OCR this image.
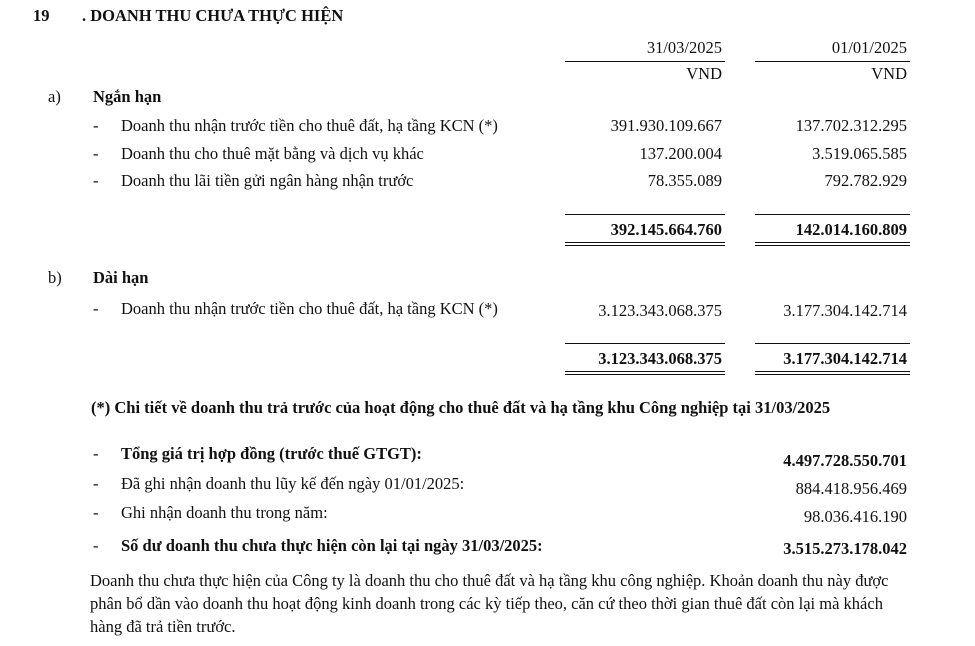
19 . DOANH THU CHƯA THỰC HIỆN
31/03/2025	01/01/2025
VND	VND
a) Ngắn hạn
- Doanh thu nhận trước tiền cho thuê đất, hạ tầng KCN (*)	391.930.109.667	137.702.312.295
- Doanh thu cho thuê mặt bằng và dịch vụ khác	137.200.004	3.519.065.585
- Doanh thu lãi tiền gửi ngân hàng nhận trước	78.355.089	792.782.929
392.145.664.760	142.014.160.809
b) Dài hạn
- Doanh thu nhận trước tiền cho thuê đất, hạ tầng KCN (*)	3.123.343.068.375	3.177.304.142.714
3.123.343.068.375	3.177.304.142.714
(*) Chi tiết về doanh thu trả trước của hoạt động cho thuê đất và hạ tầng khu Công nghiệp tại 31/03/2025
- Tổng giá trị hợp đồng (trước thuế GTGT):	4.497.728.550.701
- Đã ghi nhận doanh thu lũy kế đến ngày 01/01/2025:	884.418.956.469
- Ghi nhận doanh thu trong năm:	98.036.416.190
- Số dư doanh thu chưa thực hiện còn lại tại ngày 31/03/2025:	3.515.273.178.042
Doanh thu chưa thực hiện của Công ty là doanh thu cho thuê đất và hạ tầng khu công nghiệp. Khoản doanh thu này được phân bổ dần vào doanh thu hoạt động kinh doanh trong các kỳ tiếp theo, căn cứ theo thời gian thuê đất còn lại mà khách hàng đã trả tiền trước.
